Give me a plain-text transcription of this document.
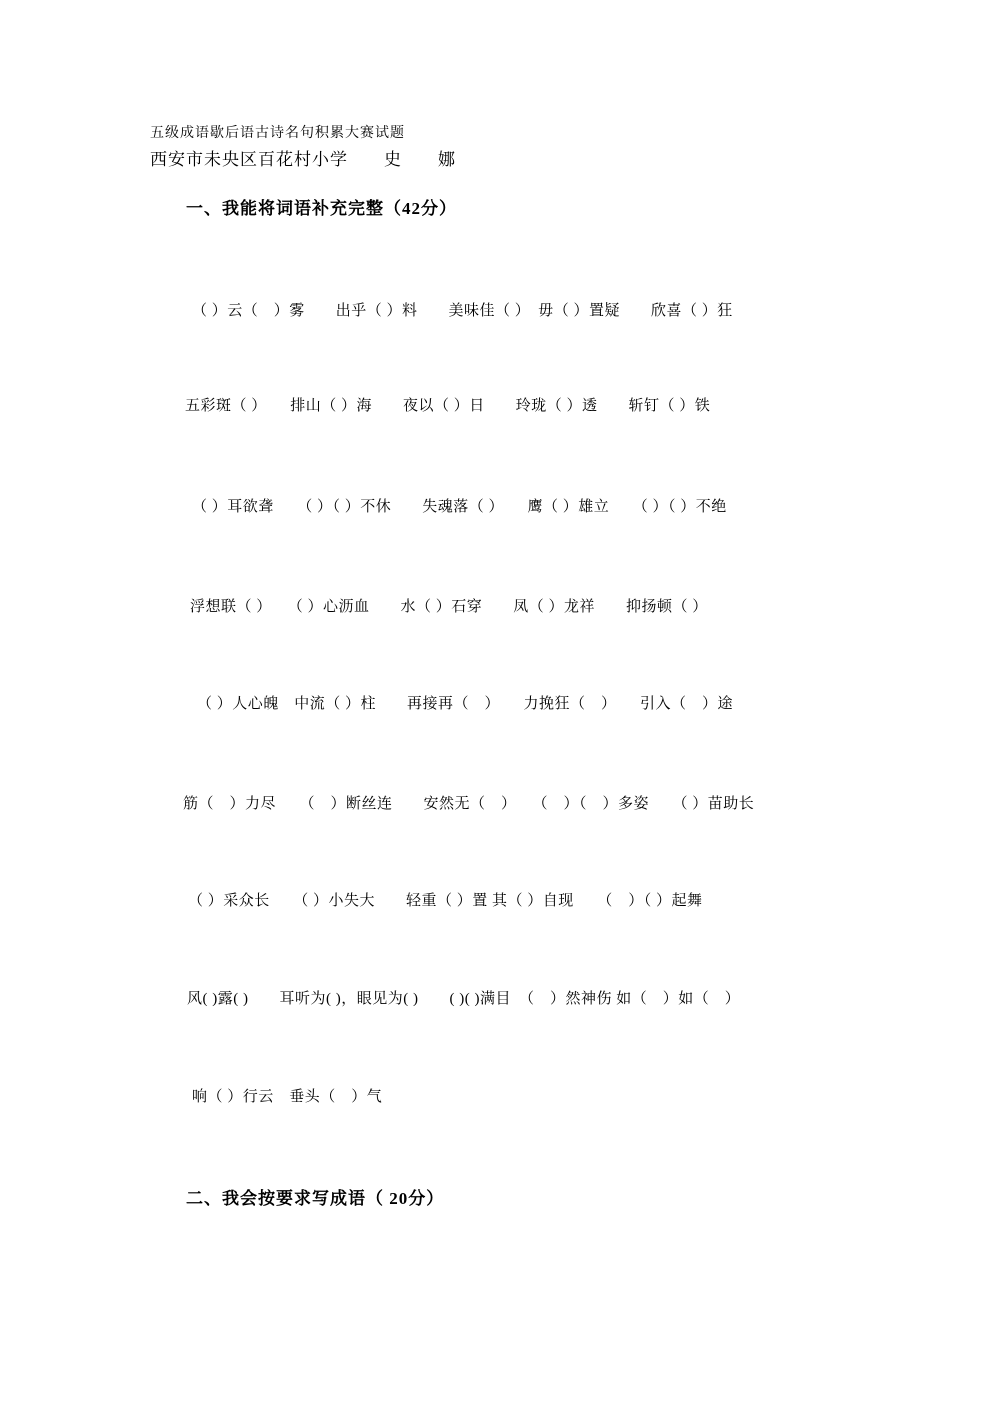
五级成语歇后语古诗名句积累大赛试题
西安市未央区百花村小学　　史　　娜
一、我能将词语补充完整（42分）
（ ）云（　）雾　　出乎（ ）料　　美味佳（ ）　毋（ ）置疑　　欣喜（ ）狂
五彩斑（ ）　　排山（ ）海　　夜以（ ）日　　玲珑（ ）透　　斩钉（ ）铁
（ ）耳欲聋　　（ ）（ ）不休　　失魂落（ ）　　鹰（ ）雄立　　（ ）（ ）不绝
浮想联（ ）　　（ ）心沥血　　水（ ）石穿　　凤（ ）龙祥　　抑扬顿（ ）
（ ）人心魄　中流（ ）柱　　再接再（　）　　力挽狂（　）　　引入（　）途
筋（　）力尽　　（　）断丝连　　安然无（　）　　（　）（　）多姿　　（ ）苗助长
（ ）采众长　　（ ）小失大　　轻重（ ）置 其（ ）自现　　（　）（ ）起舞
风( )露( )　　耳听为( )，眼见为( )　　( )( )满目　（　）然神伤 如（　）如（　）
响（ ）行云　垂头（　）气
二、我会按要求写成语（ 20分）
